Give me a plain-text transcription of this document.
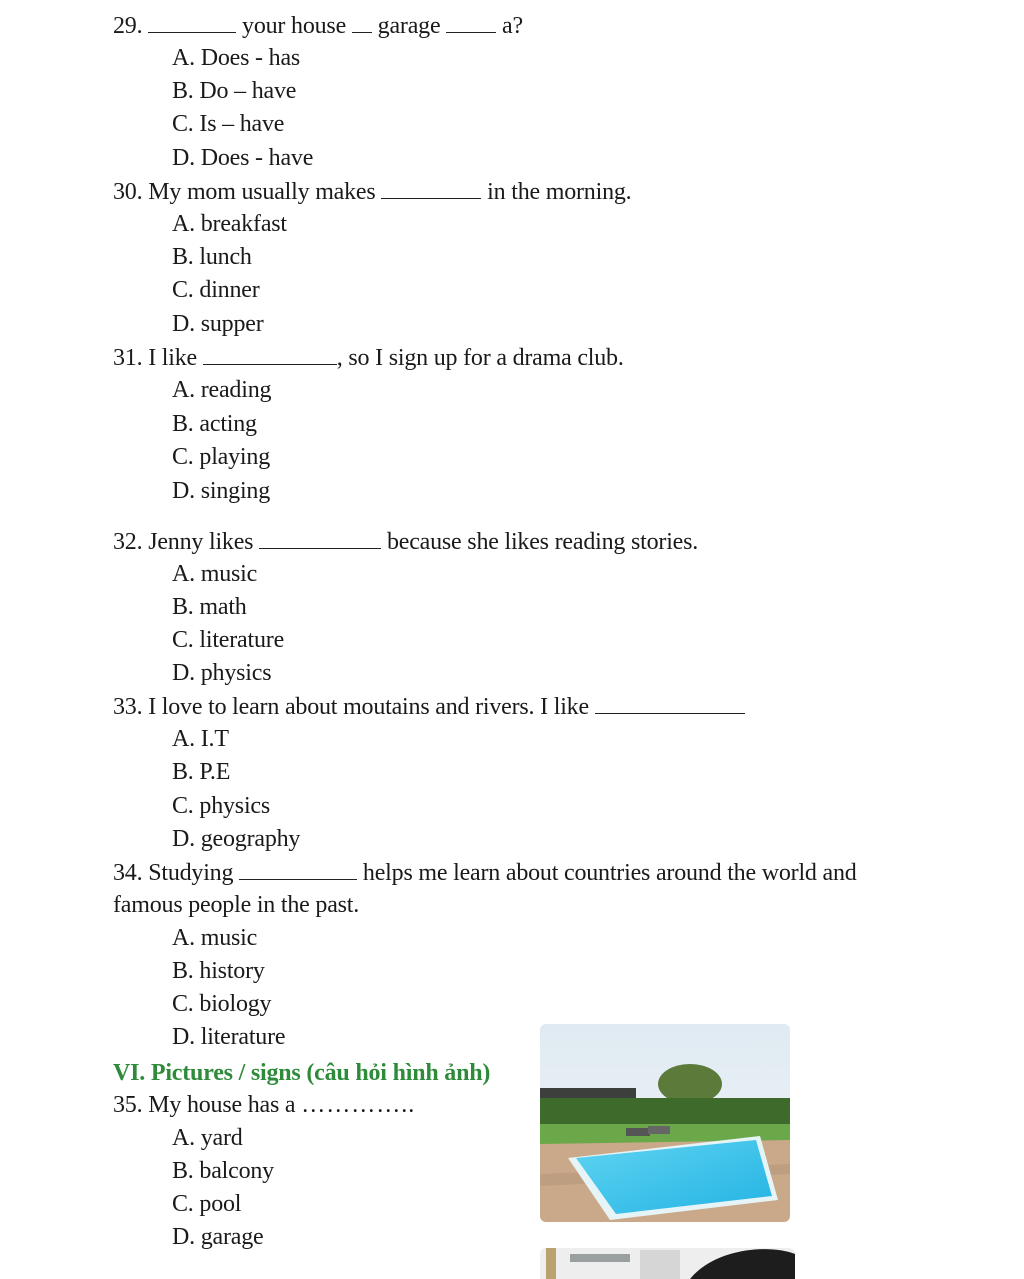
29.	your house garage	a?
A. Does - has
B. Do – have
C. Is – have
D. Does - have
30. My mom usually makes	in the morning.
A. breakfast
B. lunch
C. dinner
D. supper
31. I like	, so I sign up for a drama club.
A. reading
B. acting
C. playing
D. singing
32. Jenny likes	because she likes reading stories.
A. music
B. math
C. literature
D. physics
33. I love to learn about moutains and rivers. I like
A. I.T
B. P.E
C. physics
D. geography
34. Studying	helps me learn about countries around the world and
famous people in the past.
A. music
B. history
C. biology
D. literature
VI. Pictures / signs (câu hỏi hình ảnh)
35. My house has a …………..
A. yard
B. balcony
C. pool
D. garage
